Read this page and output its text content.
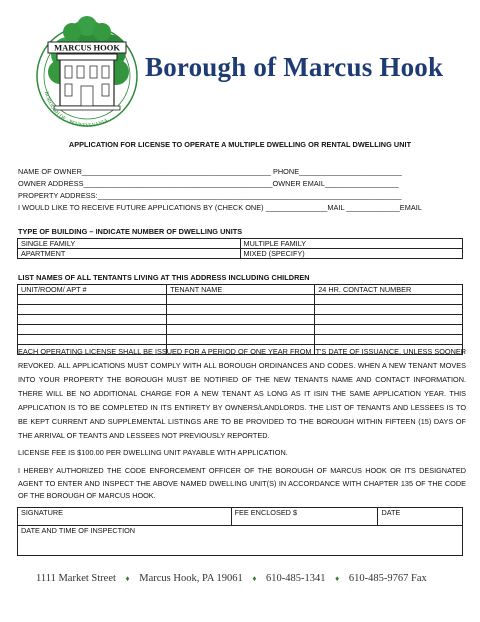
MARCUS HOOK
BOROUGH OF · PENNSYLVANIA
Borough of Marcus Hook
APPLICATION FOR LICENSE TO OPERATE A MULTIPLE DWELLING OR RENTAL DWELLING UNIT
NAME OF OWNER______________________________________________ PHONE_________________________
OWNER ADDRESS______________________________________________OWNER EMAIL__________________
PROPERTY ADDRESS:__________________________________________________________________________
I WOULD LIKE TO RECEIVE FUTURE APPLICATIONS BY (CHECK ONE) _______________MAIL _____________EMAIL
TYPE OF BUILDING – INDICATE NUMBER OF DWELLING UNITS
SINGLE FAMILY	MULTIPLE FAMILY
APARTMENT	MIXED (SPECIFY)
LIST NAMES OF ALL TENTANTS LIVING AT THIS ADDRESS INCLUDING CHILDREN
UNIT/ROOM/ APT #	TENANT NAME	24 HR. CONTACT NUMBER

EACH OPERATING LICENSE SHALL BE ISSUED FOR A PERIOD OF ONE YEAR FROM IT'S DATE OF ISSUANCE, UNLESS SOONER REVOKED. ALL APPLICATIONS MUST COMPLY WITH ALL BOROUGH ORDINANCES AND CODES. WHEN A NEW TENANT MOVES INTO YOUR PROPERTY THE BOROUGH MUST BE NOTIFIED OF THE NEW TENANTS NAME AND CONTACT INFORMATION. THERE WILL BE NO ADDITIONAL CHARGE FOR A NEW TENANT AS LONG AS IT ISIN THE SAME APPLICATION YEAR. THIS APPLICATION IS TO BE COMPLETED IN ITS ENTIRETY BY OWNERS/LANDLORDS. THE LIST OF TENANTS AND LESSEES IS TO BE KEPT CURRENT AND SUPPLEMENTAL LISTINGS ARE TO BE PROVIDED TO THE BOROUGH WITHIN FIFTEEN (15) DAYS OF THE ARRIVAL OF TEANTS AND LESSEES NOT PREVIOUSLY REPORTED.
LICENSE FEE IS $100.00 PER DWELLING UNIT PAYABLE WITH APPLICATION.
I HEREBY AUTHORIZED THE CODE ENFORCEMENT OFFICER OF THE BOROUGH OF MARCUS HOOK OR ITS DESIGNATED AGENT TO ENTER AND INSPECT THE ABOVE NAMED DWELLING UNIT(S) IN ACCORDANCE WITH CHAPTER 135 OF THE CODE OF THE BOROUGH OF MARCUS HOOK.
SIGNATURE	FEE ENCLOSED $	DATE
DATE AND TIME OF INSPECTION
1111 Market Street ♦ Marcus Hook, PA 19061 ♦ 610-485-1341 ♦ 610-485-9767 Fax
